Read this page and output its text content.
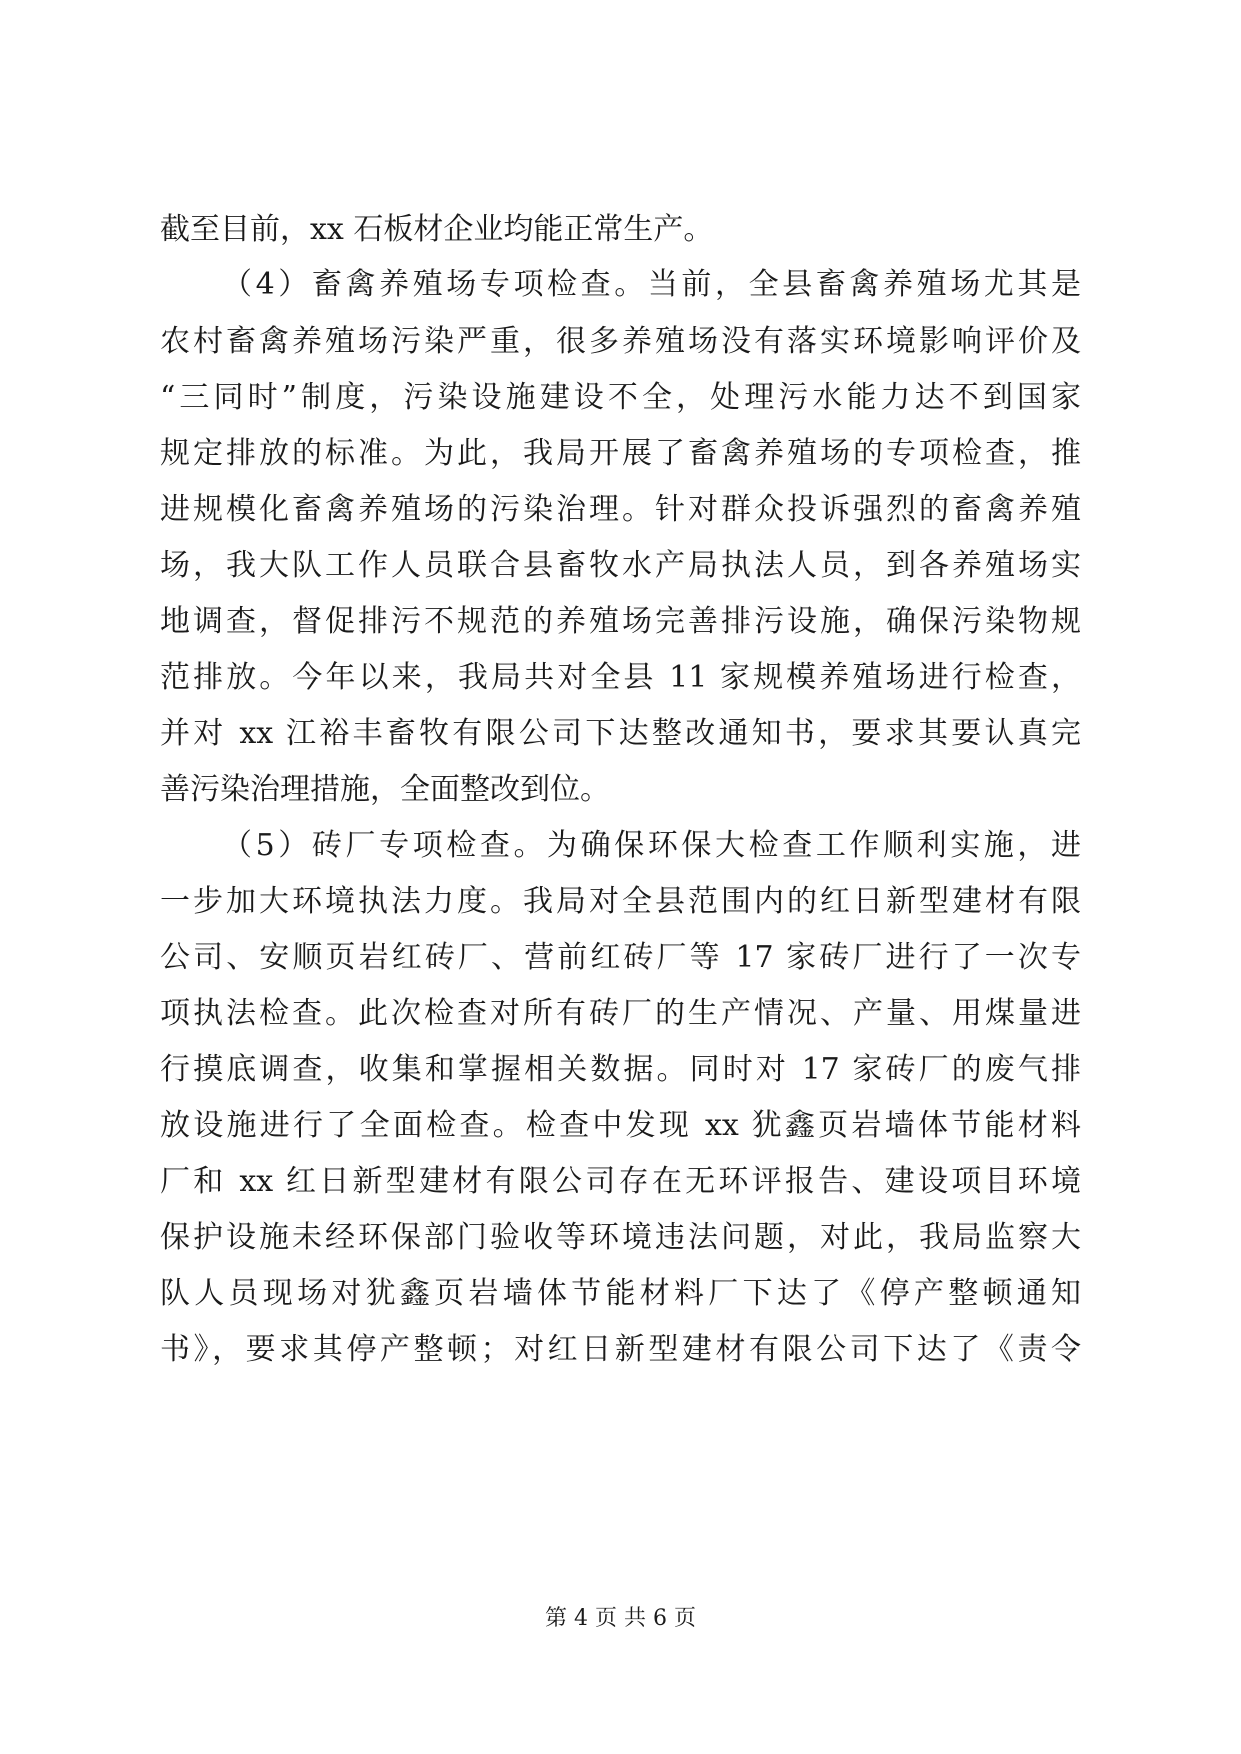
截至目前，xx 石板材企业均能正常生产。
（4）畜禽养殖场专项检查。当前，全县畜禽养殖场尤其是
农村畜禽养殖场污染严重，很多养殖场没有落实环境影响评价及
“三同时”制度，污染设施建设不全，处理污水能力达不到国家
规定排放的标准。为此，我局开展了畜禽养殖场的专项检查，推
进规模化畜禽养殖场的污染治理。针对群众投诉强烈的畜禽养殖
场，我大队工作人员联合县畜牧水产局执法人员，到各养殖场实
地调查，督促排污不规范的养殖场完善排污设施，确保污染物规
范排放。今年以来，我局共对全县 11 家规模养殖场进行检查，
并对 xx 江裕丰畜牧有限公司下达整改通知书，要求其要认真完
善污染治理措施，全面整改到位。
（5）砖厂专项检查。为确保环保大检查工作顺利实施，进
一步加大环境执法力度。我局对全县范围内的红日新型建材有限
公司、安顺页岩红砖厂、营前红砖厂等 17 家砖厂进行了一次专
项执法检查。此次检查对所有砖厂的生产情况、产量、用煤量进
行摸底调查，收集和掌握相关数据。同时对 17 家砖厂的废气排
放设施进行了全面检查。检查中发现 xx 犹鑫页岩墙体节能材料
厂和 xx 红日新型建材有限公司存在无环评报告、建设项目环境
保护设施未经环保部门验收等环境违法问题，对此，我局监察大
队人员现场对犹鑫页岩墙体节能材料厂下达了《停产整顿通知
书》，要求其停产整顿；对红日新型建材有限公司下达了《责令
第 4 页 共 6 页
